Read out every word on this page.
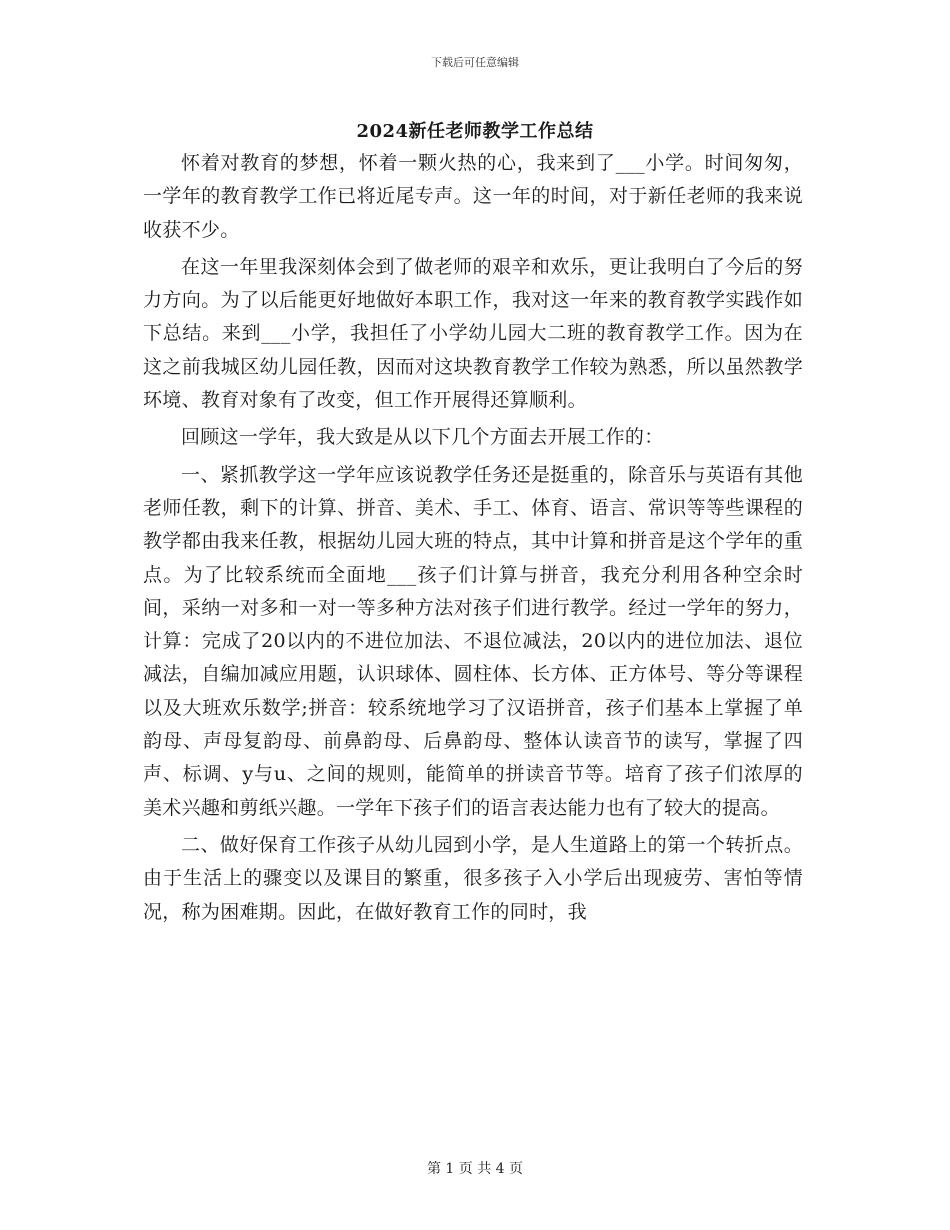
下载后可任意编辑
2024新任老师教学工作总结

怀着对教育的梦想，怀着一颗火热的心，我来到了___小学。时间匆匆，一学年的教育教学工作已将近尾专声。这一年的时间，对于新任老师的我来说收获不少。

在这一年里我深刻体会到了做老师的艰辛和欢乐，更让我明白了今后的努力方向。为了以后能更好地做好本职工作，我对这一年来的教育教学实践作如下总结。来到___小学，我担任了小学幼儿园大二班的教育教学工作。因为在这之前我城区幼儿园任教，因而对这块教育教学工作较为熟悉，所以虽然教学环境、教育对象有了改变，但工作开展得还算顺利。

回顾这一学年，我大致是从以下几个方面去开展工作的：

一、紧抓教学这一学年应该说教学任务还是挺重的，除音乐与英语有其他老师任教，剩下的计算、拼音、美术、手工、体育、语言、常识等等些课程的教学都由我来任教，根据幼儿园大班的特点，其中计算和拼音是这个学年的重点。为了比较系统而全面地___孩子们计算与拼音，我充分利用各种空余时间，采纳一对多和一对一等多种方法对孩子们进行教学。经过一学年的努力，计算：完成了20以内的不进位加法、不退位减法，20以内的进位加法、退位减法，自编加减应用题，认识球体、圆柱体、长方体、正方体号、等分等课程以及大班欢乐数学;拼音：较系统地学习了汉语拼音，孩子们基本上掌握了单韵母、声母复韵母、前鼻韵母、后鼻韵母、整体认读音节的读写，掌握了四声、标调、y与u、之间的规则，能简单的拼读音节等。培育了孩子们浓厚的美术兴趣和剪纸兴趣。一学年下孩子们的语言表达能力也有了较大的提高。

二、做好保育工作孩子从幼儿园到小学，是人生道路上的第一个转折点。由于生活上的骤变以及课目的繁重，很多孩子入小学后出现疲劳、害怕等情况，称为困难期。因此，在做好教育工作的同时，我

第 1 页 共 4 页
